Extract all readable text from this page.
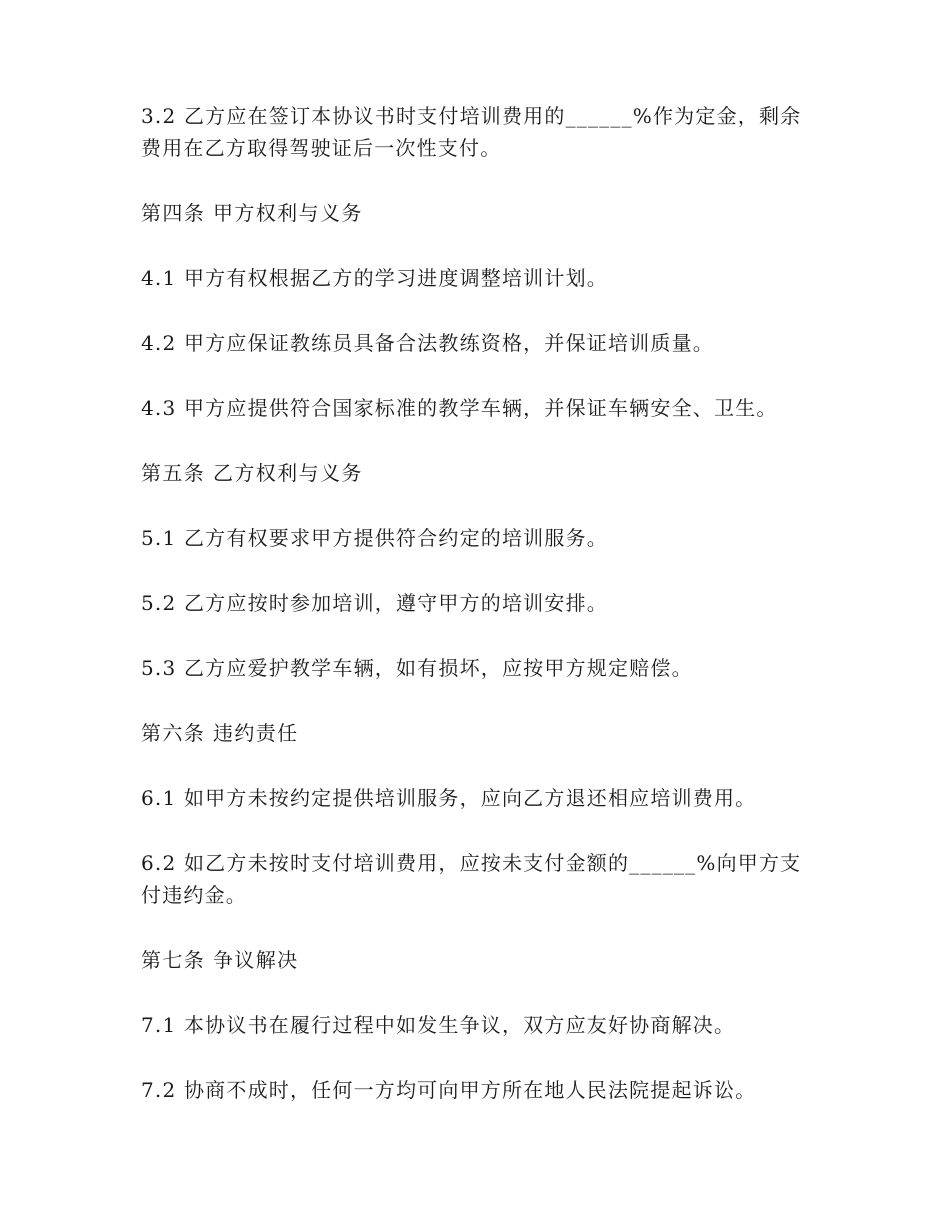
3.2 乙方应在签订本协议书时支付培训费用的______%作为定金，剩余费用在乙方取得驾驶证后一次性支付。

第四条 甲方权利与义务

4.1 甲方有权根据乙方的学习进度调整培训计划。

4.2 甲方应保证教练员具备合法教练资格，并保证培训质量。

4.3 甲方应提供符合国家标准的教学车辆，并保证车辆安全、卫生。

第五条 乙方权利与义务

5.1 乙方有权要求甲方提供符合约定的培训服务。

5.2 乙方应按时参加培训，遵守甲方的培训安排。

5.3 乙方应爱护教学车辆，如有损坏，应按甲方规定赔偿。

第六条 违约责任

6.1 如甲方未按约定提供培训服务，应向乙方退还相应培训费用。

6.2 如乙方未按时支付培训费用，应按未支付金额的______%向甲方支付违约金。

第七条 争议解决

7.1 本协议书在履行过程中如发生争议，双方应友好协商解决。

7.2 协商不成时，任何一方均可向甲方所在地人民法院提起诉讼。
